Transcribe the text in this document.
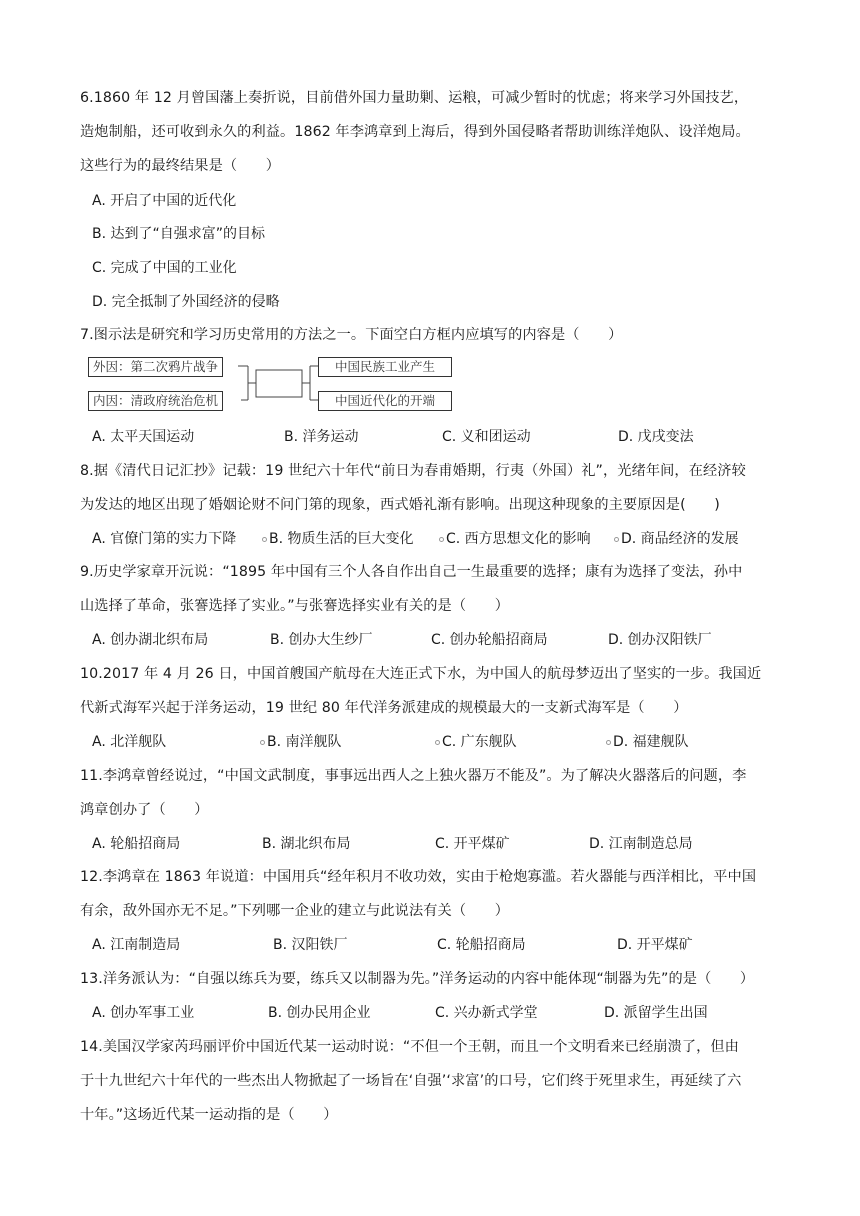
6.1860 年 12 月曾国藩上奏折说，目前借外国力量助剿、运粮，可减少暂时的忧虑；将来学习外国技艺，
造炮制船，还可收到永久的利益。1862 年李鸿章到上海后，得到外国侵略者帮助训练洋炮队、设洋炮局。
这些行为的最终结果是（　　）
A. 开启了中国的近代化
B. 达到了“自强求富”的目标
C. 完成了中国的工业化
D. 完全抵制了外国经济的侵略
7.图示法是研究和学习历史常用的方法之一。下面空白方框内应填写的内容是（　　）
外因：第二次鸦片战争
内因：清政府统治危机
中国民族工业产生
中国近代化的开端
A. 太平天国运动	B. 洋务运动	C. 义和团运动	D. 戊戌变法
8.据《清代日记汇抄》记载：19 世纪六十年代“前日为春甫婚期，行夷（外国）礼”，光绪年间，在经济较
为发达的地区出现了婚姻论财不问门第的现象，西式婚礼渐有影响。出现这种现象的主要原因是(　　)
A. 官僚门第的实力下降	B. 物质生活的巨大变化	C. 西方思想文化的影响	D. 商品经济的发展
9.历史学家章开沅说：“1895 年中国有三个人各自作出自己一生最重要的选择；康有为选择了变法，孙中
山选择了革命，张謇选择了实业。”与张謇选择实业有关的是（　　）
A. 创办湖北织布局	B. 创办大生纱厂	C. 创办轮船招商局	D. 创办汉阳铁厂
10.2017 年 4 月 26 日，中国首艘国产航母在大连正式下水，为中国人的航母梦迈出了坚实的一步。我国近
代新式海军兴起于洋务运动，19 世纪 80 年代洋务派建成的规模最大的一支新式海军是（　　）
A. 北洋舰队	B. 南洋舰队	C. 广东舰队	D. 福建舰队
11.李鸿章曾经说过，“中国文武制度，事事远出西人之上独火器万不能及”。为了解决火器落后的问题，李
鸿章创办了（　　）
A. 轮船招商局	B. 湖北织布局	C. 开平煤矿	D. 江南制造总局
12.李鸿章在 1863 年说道：中国用兵“经年积月不收功效，实由于枪炮寡滥。若火器能与西洋相比，平中国
有余，敌外国亦无不足。”下列哪一企业的建立与此说法有关（　　）
A. 江南制造局	B. 汉阳铁厂	C. 轮船招商局	D. 开平煤矿
13.洋务派认为：“自强以练兵为要，练兵又以制器为先。”洋务运动的内容中能体现“制器为先”的是（　　）
A. 创办军事工业	B. 创办民用企业	C. 兴办新式学堂	D. 派留学生出国
14.美国汉学家芮玛丽评价中国近代某一运动时说：“不但一个王朝，而且一个文明看来已经崩溃了，但由
于十九世纪六十年代的一些杰出人物掀起了一场旨在‘自强’‘求富’的口号，它们终于死里求生，再延续了六
十年。”这场近代某一运动指的是（　　）
